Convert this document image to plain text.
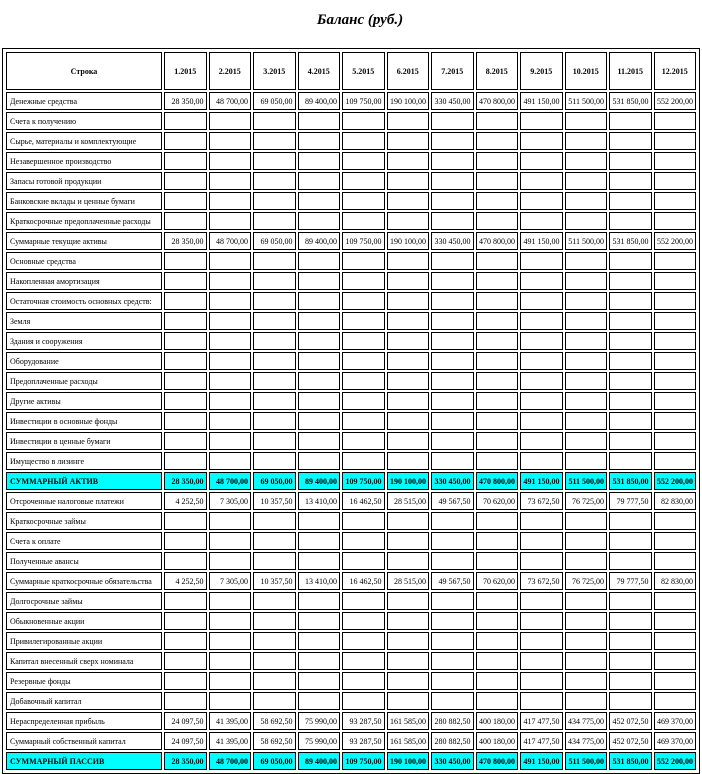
Баланс (руб.)
Строка	1.2015	2.2015	3.2015	4.2015	5.2015	6.2015	7.2015	8.2015	9.2015	10.2015	11.2015	12.2015
Денежные средства	28 350,00	48 700,00	69 050,00	89 400,00	109 750,00	190 100,00	330 450,00	470 800,00	491 150,00	511 500,00	531 850,00	552 200,00
Счета к получению												
Сырье, материалы и комплектующие												
Незавершенное производство												
Запасы готовой продукции												
Банковские вклады и ценные бумаги												
Краткосрочные предоплаченные расходы												
Суммарные текущие активы	28 350,00	48 700,00	69 050,00	89 400,00	109 750,00	190 100,00	330 450,00	470 800,00	491 150,00	511 500,00	531 850,00	552 200,00
Основные средства												
Накопленная амортизация												
Остаточная стоимость основных средств:												
Земля												
Здания и сооружения												
Оборудование												
Предоплаченные расходы												
Другие активы												
Инвестиции в основные фонды												
Инвестиции в ценные бумаги												
Имущество в лизинге												
СУММАРНЫЙ АКТИВ	28 350,00	48 700,00	69 050,00	89 400,00	109 750,00	190 100,00	330 450,00	470 800,00	491 150,00	511 500,00	531 850,00	552 200,00
Отсроченные налоговые платежи	4 252,50	7 305,00	10 357,50	13 410,00	16 462,50	28 515,00	49 567,50	70 620,00	73 672,50	76 725,00	79 777,50	82 830,00
Краткосрочные займы												
Счета к оплате												
Полученные авансы												
Суммарные краткосрочные обязательства	4 252,50	7 305,00	10 357,50	13 410,00	16 462,50	28 515,00	49 567,50	70 620,00	73 672,50	76 725,00	79 777,50	82 830,00
Долгосрочные займы												
Обыкновенные акции												
Привилегированные акции												
Капитал внесенный сверх номинала												
Резервные фонды												
Добавочный капитал												
Нераспределенная прибыль	24 097,50	41 395,00	58 692,50	75 990,00	93 287,50	161 585,00	280 882,50	400 180,00	417 477,50	434 775,00	452 072,50	469 370,00
Суммарный собственный капитал	24 097,50	41 395,00	58 692,50	75 990,00	93 287,50	161 585,00	280 882,50	400 180,00	417 477,50	434 775,00	452 072,50	469 370,00
СУММАРНЫЙ ПАССИВ	28 350,00	48 700,00	69 050,00	89 400,00	109 750,00	190 100,00	330 450,00	470 800,00	491 150,00	511 500,00	531 850,00	552 200,00
